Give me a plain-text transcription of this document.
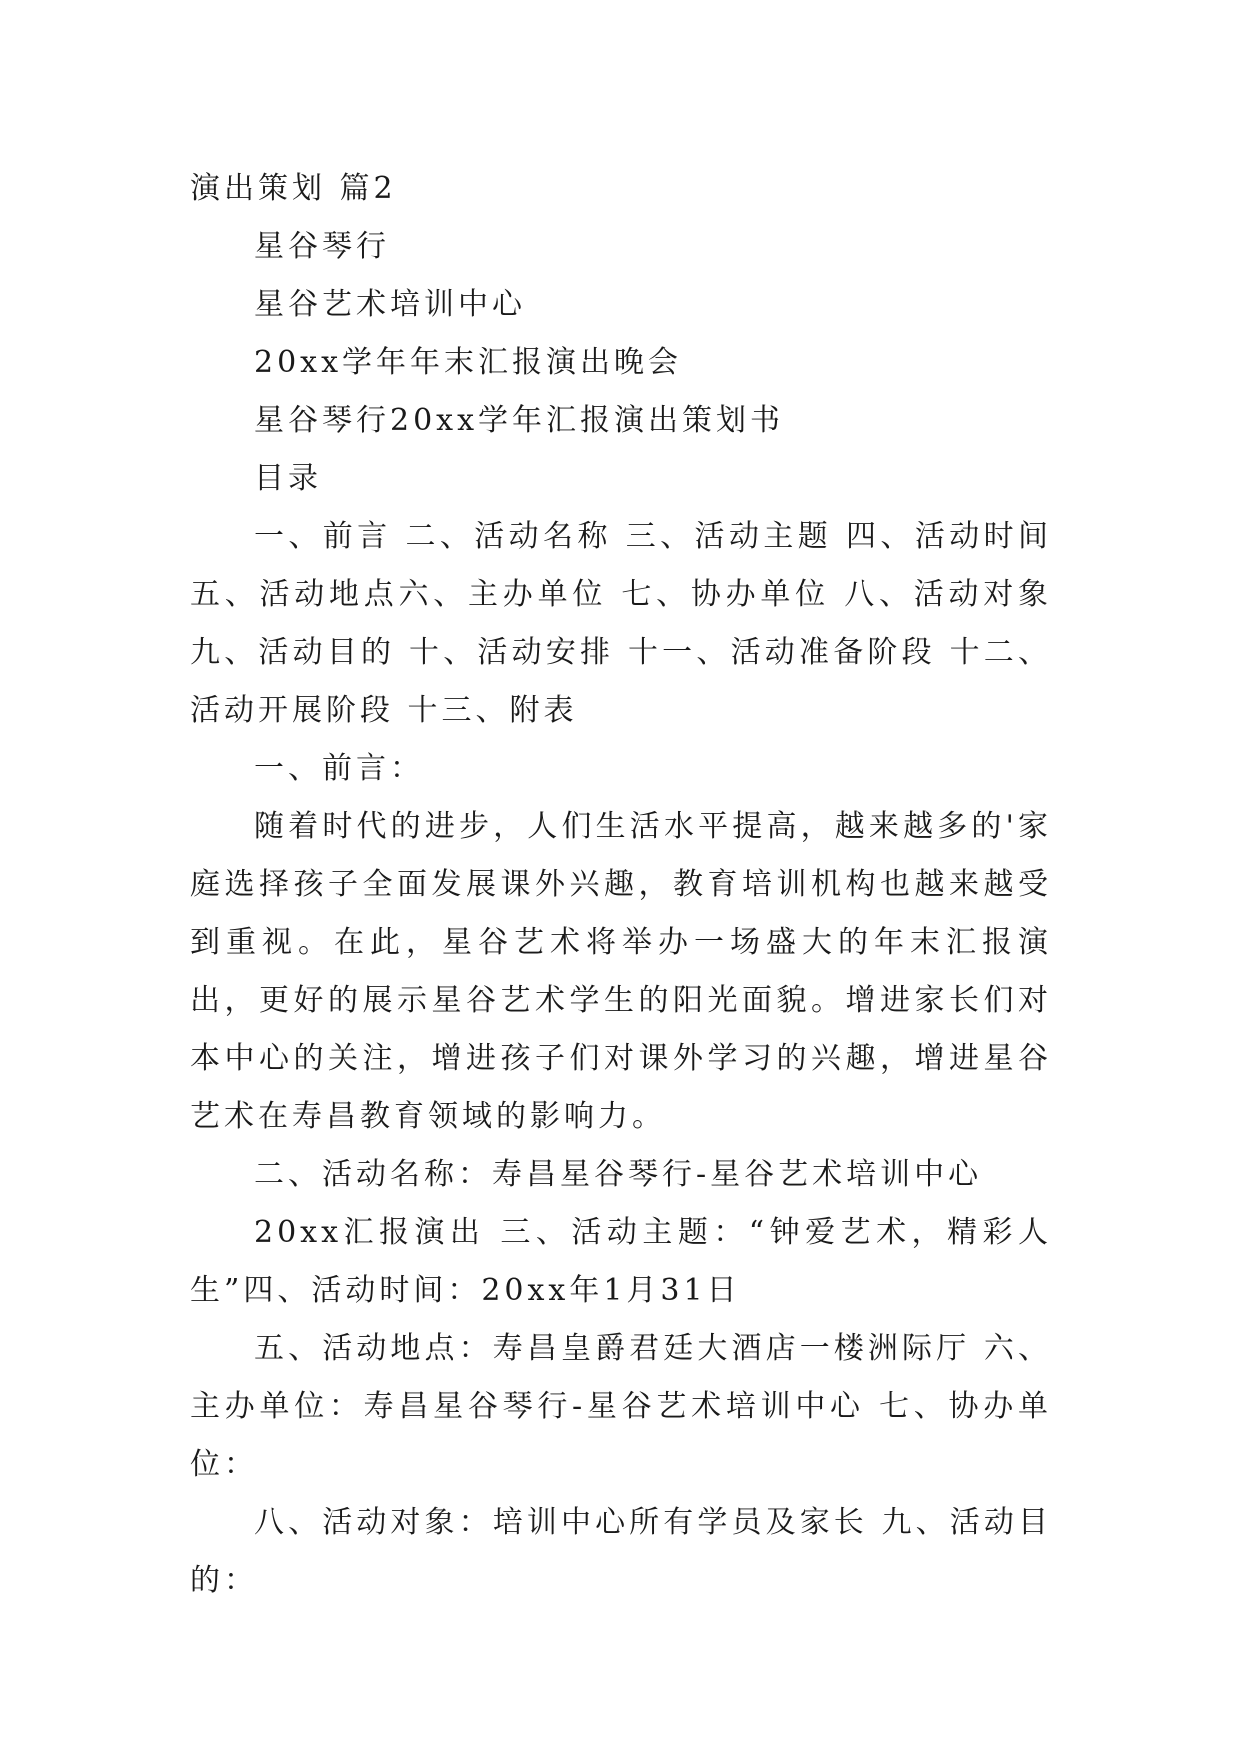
演出策划 篇2

星谷琴行

星谷艺术培训中心

20xx学年年末汇报演出晚会

星谷琴行20xx学年汇报演出策划书

目录

一、前言 二、活动名称 三、活动主题 四、活动时间 五、活动地点六、主办单位 七、协办单位 八、活动对象 九、活动目的 十、活动安排 十一、活动准备阶段 十二、活动开展阶段 十三、附表

一、前言：

随着时代的进步，人们生活水平提高，越来越多的'家庭选择孩子全面发展课外兴趣，教育培训机构也越来越受到重视。在此，星谷艺术将举办一场盛大的年末汇报演出，更好的展示星谷艺术学生的阳光面貌。增进家长们对本中心的关注，增进孩子们对课外学习的兴趣，增进星谷艺术在寿昌教育领域的影响力。

二、活动名称：寿昌星谷琴行-星谷艺术培训中心

20xx汇报演出 三、活动主题：“钟爱艺术，精彩人生”四、活动时间：20xx年1月31日

五、活动地点：寿昌皇爵君廷大酒店一楼洲际厅 六、主办单位：寿昌星谷琴行-星谷艺术培训中心 七、协办单位：

八、活动对象：培训中心所有学员及家长 九、活动目的：
